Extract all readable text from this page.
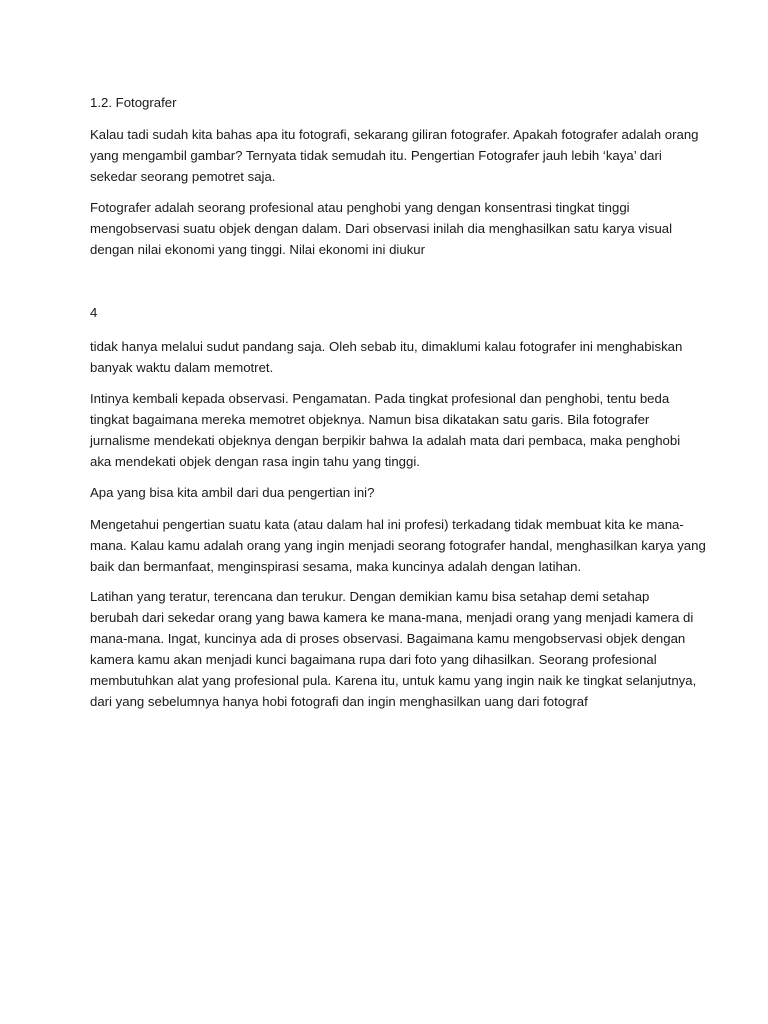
1.2. Fotografer

Kalau tadi sudah kita bahas apa itu fotografi, sekarang giliran fotografer. Apakah fotografer adalah orang
yang mengambil gambar? Ternyata tidak semudah itu. Pengertian Fotografer jauh lebih ‘kaya’ dari
sekedar seorang pemotret saja.

Fotografer adalah seorang profesional atau penghobi yang dengan konsentrasi tingkat tinggi
mengobservasi suatu objek dengan dalam. Dari observasi inilah dia menghasilkan satu karya visual
dengan nilai ekonomi yang tinggi. Nilai ekonomi ini diukur

4

tidak hanya melalui sudut pandang saja. Oleh sebab itu, dimaklumi kalau fotografer ini menghabiskan
banyak waktu dalam memotret.

Intinya kembali kepada observasi. Pengamatan. Pada tingkat profesional dan penghobi, tentu beda
tingkat bagaimana mereka memotret objeknya. Namun bisa dikatakan satu garis. Bila fotografer
jurnalisme mendekati objeknya dengan berpikir bahwa Ia adalah mata dari pembaca, maka penghobi
aka mendekati objek dengan rasa ingin tahu yang tinggi.

Apa yang bisa kita ambil dari dua pengertian ini?

Mengetahui pengertian suatu kata (atau dalam hal ini profesi) terkadang tidak membuat kita ke mana-
mana. Kalau kamu adalah orang yang ingin menjadi seorang fotografer handal, menghasilkan karya yang
baik dan bermanfaat, menginspirasi sesama, maka kuncinya adalah dengan latihan.

Latihan yang teratur, terencana dan terukur. Dengan demikian kamu bisa setahap demi setahap
berubah dari sekedar orang yang bawa kamera ke mana-mana, menjadi orang yang menjadi kamera di
mana-mana. Ingat, kuncinya ada di proses observasi. Bagaimana kamu mengobservasi objek dengan
kamera kamu akan menjadi kunci bagaimana rupa dari foto yang dihasilkan. Seorang profesional
membutuhkan alat yang profesional pula. Karena itu, untuk kamu yang ingin naik ke tingkat selanjutnya,
dari yang sebelumnya hanya hobi fotografi dan ingin menghasilkan uang dari fotograf
